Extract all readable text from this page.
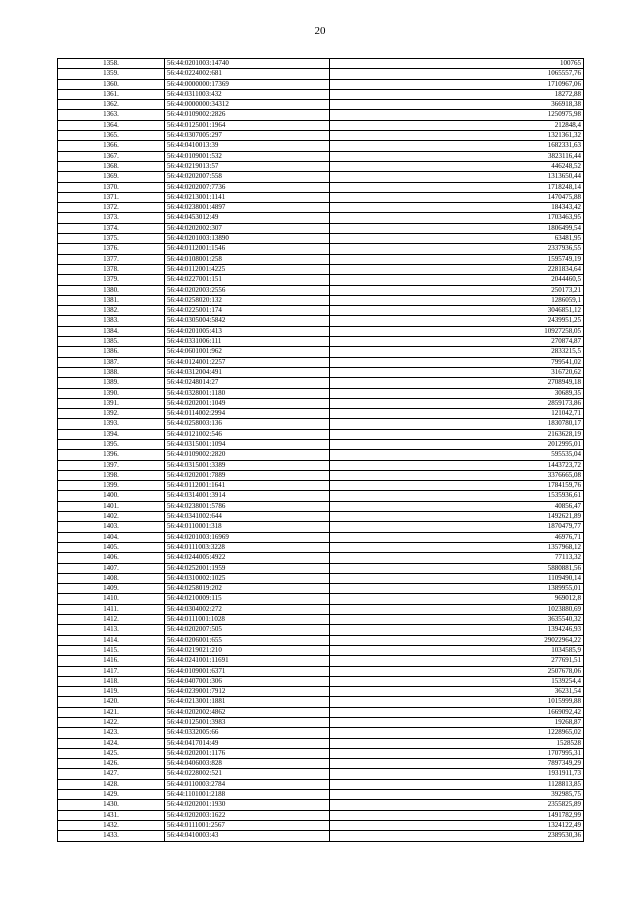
20
1358.	56:44:0201003:14740	100765
1359.	56:44:0224002:681	1065557,76
1360.	56:44:0000000:17369	1710967,06
1361.	56:44:0311003:432	18272,88
1362.	56:44:0000000:34312	366918,38
1363.	56:44:0109002:2826	1250975,98
1364.	56:44:0125001:1964	212848,4
1365.	56:44:0307005:297	1321361,32
1366.	56:44:0410013:39	1682331,63
1367.	56:44:0109001:532	3823116,44
1368.	56:44:0219013:57	446248,52
1369.	56:44:0202007:558	1313650,44
1370.	56:44:0202007:7736	1718248,14
1371.	56:44:0213001:1141	1470475,88
1372.	56:44:0238001:4897	184343,42
1373.	56:44:0453012:49	1703463,95
1374.	56:44:0202002:307	1806499,54
1375.	56:44:0201003:13890	63481,95
1376.	56:44:0112001:1546	2337936,55
1377.	56:44:0108001:258	1595749,19
1378.	56:44:0112001:4225	2281834,64
1379.	56:44:0227001:151	2044460,5
1380.	56:44:0202003:2556	250173,21
1381.	56:44:0258020:132	1286059,1
1382.	56:44:0225001:174	3046851,12
1383.	56:44:0305004:5842	2439951,25
1384.	56:44:0201005:413	10927258,05
1385.	56:44:0331006:111	270874,87
1386.	56:44:0601001:962	2833215,5
1387.	56:44:0124001:2257	799541,02
1388.	56:44:0312004:491	316720,62
1389.	56:44:0248014:27	2708949,18
1390.	56:44:0328001:1180	30689,35
1391.	56:44:0202001:1049	2859173,86
1392.	56:44:0114002:2994	121042,71
1393.	56:44:0258003:136	1830780,17
1394.	56:44:0121002:546	2163628,19
1395.	56:44:0315001:1094	2012995,01
1396.	56:44:0109002:2820	595535,04
1397.	56:44:0315001:3389	1443723,72
1398.	56:44:0202001:7889	3376665,08
1399.	56:44:0112001:1641	1784159,76
1400.	56:44:0314001:3914	1535936,61
1401.	56:44:0238001:5786	40856,47
1402.	56:44:0341002:644	1492621,89
1403.	56:44:0110001:318	1870479,77
1404.	56:44:0201003:16969	46976,71
1405.	56:44:0111003:3228	1357968,12
1406.	56:44:0244005:4922	77113,32
1407.	56:44:0252001:1959	5880881,56
1408.	56:44:0310002:1025	1109490,14
1409.	56:44:0258019:202	1389955,01
1410.	56:44:0210009:115	969012,8
1411.	56:44:0304002:272	1023880,69
1412.	56:44:0111001:1028	3635540,32
1413.	56:44:0202007:505	1394246,93
1414.	56:44:0206001:655	29022964,22
1415.	56:44:0219021:210	1034585,9
1416.	56:44:0241001:11691	277691,51
1417.	56:44:0109001:6371	2507678,06
1418.	56:44:0407001:306	1539254,4
1419.	56:44:0239001:7912	36231,54
1420.	56:44:0213001:1881	1015999,88
1421.	56:44:0202002:4862	1669092,42
1422.	56:44:0125001:3983	19268,87
1423.	56:44:0332005:66	1228965,02
1424.	56:44:0417014:49	1528528
1425.	56:44:0202001:1176	1707995,31
1426.	56:44:0406003:828	7897349,29
1427.	56:44:0228002:521	1931911,73
1428.	56:44:0110003:2784	1128813,85
1429.	56:44:1101001:2188	392985,75
1430.	56:44:0202001:1930	2355825,89
1431.	56:44:0202003:1622	1491782,99
1432.	56:44:0111001:2567	1324122,49
1433.	56:44:0410003:43	2389530,36
